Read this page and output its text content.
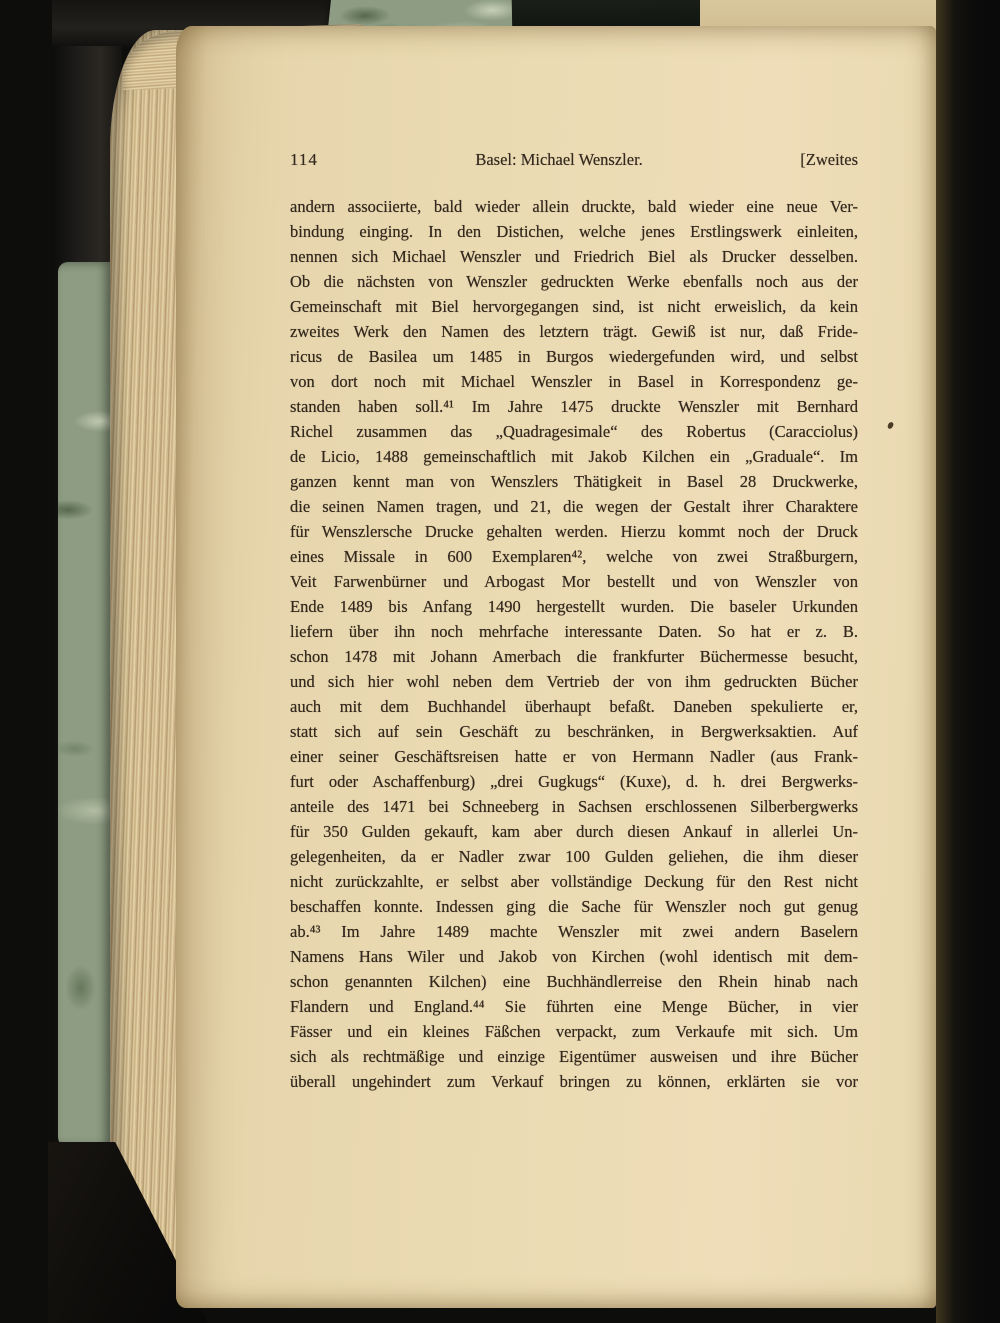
114	Basel: Michael Wenszler.	[Zweites
andern associierte, bald wieder allein druckte, bald wieder eine neue Ver-
bindung einging. In den Distichen, welche jenes Erstlingswerk einleiten,
nennen sich Michael Wenszler und Friedrich Biel als Drucker desselben.
Ob die nächsten von Wenszler gedruckten Werke ebenfalls noch aus der
Gemeinschaft mit Biel hervorgegangen sind, ist nicht erweislich, da kein
zweites Werk den Namen des letztern trägt. Gewiß ist nur, daß Fride-
ricus de Basilea um 1485 in Burgos wiedergefunden wird, und selbst
von dort noch mit Michael Wenszler in Basel in Korrespondenz ge-
standen haben soll.⁴¹ Im Jahre 1475 druckte Wenszler mit Bernhard
Richel zusammen das „Quadragesimale“ des Robertus (Caracciolus)
de Licio, 1488 gemeinschaftlich mit Jakob Kilchen ein „Graduale“. Im
ganzen kennt man von Wenszlers Thätigkeit in Basel 28 Druckwerke,
die seinen Namen tragen, und 21, die wegen der Gestalt ihrer Charaktere
für Wenszlersche Drucke gehalten werden. Hierzu kommt noch der Druck
eines Missale in 600 Exemplaren⁴², welche von zwei Straßburgern,
Veit Farwenbürner und Arbogast Mor bestellt und von Wenszler von
Ende 1489 bis Anfang 1490 hergestellt wurden. Die baseler Urkunden
liefern über ihn noch mehrfache interessante Daten. So hat er z. B.
schon 1478 mit Johann Amerbach die frankfurter Büchermesse besucht,
und sich hier wohl neben dem Vertrieb der von ihm gedruckten Bücher
auch mit dem Buchhandel überhaupt befaßt. Daneben spekulierte er,
statt sich auf sein Geschäft zu beschränken, in Bergwerksaktien. Auf
einer seiner Geschäftsreisen hatte er von Hermann Nadler (aus Frank-
furt oder Aschaffenburg) „drei Gugkugs“ (Kuxe), d. h. drei Bergwerks-
anteile des 1471 bei Schneeberg in Sachsen erschlossenen Silberbergwerks
für 350 Gulden gekauft, kam aber durch diesen Ankauf in allerlei Un-
gelegenheiten, da er Nadler zwar 100 Gulden geliehen, die ihm dieser
nicht zurückzahlte, er selbst aber vollständige Deckung für den Rest nicht
beschaffen konnte. Indessen ging die Sache für Wenszler noch gut genug
ab.⁴³ Im Jahre 1489 machte Wenszler mit zwei andern Baselern
Namens Hans Wiler und Jakob von Kirchen (wohl identisch mit dem-
schon genannten Kilchen) eine Buchhändlerreise den Rhein hinab nach
Flandern und England.⁴⁴ Sie führten eine Menge Bücher, in vier
Fässer und ein kleines Fäßchen verpackt, zum Verkaufe mit sich. Um
sich als rechtmäßige und einzige Eigentümer ausweisen und ihre Bücher
überall ungehindert zum Verkauf bringen zu können, erklärten sie vor
